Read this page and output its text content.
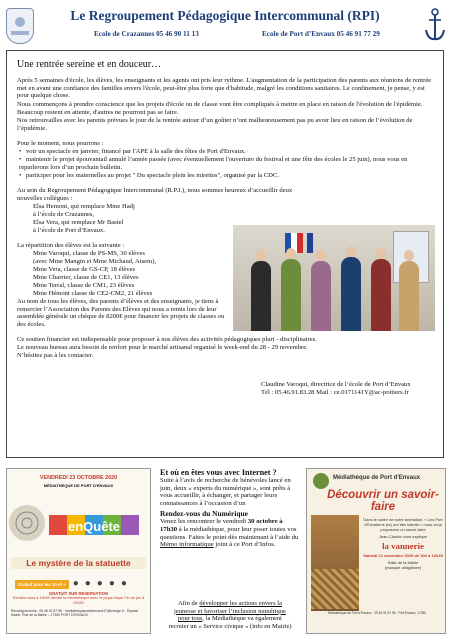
Le Regroupement Pédagogique Intercommunal (RPI)
Ecole de Crazannes 05 46 90 11 13	Ecole de Port d’Envaux 05 46 91 77 29
Une rentrée sereine et en douceur…
Après 5 semaines d'école, les élèves, les enseignants et les agents ont pris leur rythme. L'augmentation de la participation des parents aux réunions de rentrée met en avant une confiance des familles envers l'école, peut-être plus forte que d'habitude, malgré les conditions sanitaires. Le confinement, je pense, y est pour quelque chose.
Nous commençons à prendre conscience que les projets d'école ou de classe vont être compliqués à mettre en place en raison de l'évolution de l'épidémie. Beaucoup restent en attente, d'autres ne pourront pas se faire.
Nos retrouvailles avec les parents prévues le jour de la rentrée autour d’un goûter n’ont malheureusement pas pu avoir lieu en raison de l’évolution de l’épidémie.
Pour le moment, nous pourrons :
• voir un spectacle en janvier, financé par l'APE à la salle des fêtes de Port d'Envaux.
• maintenir le projet épouvantail annulé l’année passée (avec éventuellement l'ouverture du festival et une fête des écoles le 25 juin), nous vous en reparlerons lors d’un prochain bulletin.
• participer pour les maternelles au projet " Du spectacle plein les mirettes", organisé par la CDC.
Au sein du Regroupement Pédagogique Intercommunal (R.P.I.), nous sommes heureux d’accueillir deux nouvelles collègues :
Elsa Hemont, qui remplace Mme Hadj
à l’école de Crazannes,
Elsa Vera, qui remplace Mr Bastel
à l’école de Port d’Envaux.
La répartition des élèves est la suivante :
Mme Varoqui, classe de PS-MS, 30 élèves
(avec Mme Mangin et Mme Michaud, Atsem),
Mme Vera, classe de GS-CP, 18 élèves
Mme Charrier, classe de CE1, 13 élèves
Mme Terral, classe de CM1, 23 élèves
Mme Hémont classe de CE2-CM2, 21 élèves
Au nom de tous les élèves, des parents d’élèves et des enseignants, je tiens à remercier l’Association des Parents des Elèves qui nous a remis lors de leur assemblée générale un chèque de 8200€ pour financer les projets de classes ou des écoles.
Ce soutien financier est indispensable pour proposer à nos élèves des activités pédagogiques pluri - disciplinaires.
Le nouveau bureau aura besoin de renfort pour le marché artisanal organisé le week-end du 28 - 29 novembre.
N’hésitez pas à les contacter.
Claudine Varoqui, directrice de l’école de Port d’Envaux
Tél : 05.46.91.83.28 Mail : ce.0171141Y@ac-poitiers.fr
VENDREDI 23 OCTOBRE 2020
MÉDIATHEQUE DE PORT D'ENVAUX
enQuête
Le mystère de la statuette
Gratuit pour les 10 et + ●●●●●
GRATUIT SUR RESERVATION
Rendez-vous à 19h30 devant la Médiathèque avec le pique-nique Fin du jeu à 22h30
Renseignements : 05 46 91 87 96 · mediathequeportdenvaux17@orange.fr · Espace Mairie, Rue de la Mairie – 17350 PORT D'ENVAUX
Et où en êtes vous avec Internet ?

Suite à l’avis de recherche de bénévoles lancé en juin, deux « experts du numérique », sont prêts à vous accueillir, à échanger, et partager leurs connaissances à l’occasion d’un

Rendez-vous du Numérique

Venez les rencontrer le vendredi 30 octobre à 17h30 à la médiathèque, pour leur poser toutes vos questions. Faites le point dès maintenant à l’aide du Mémo informatique joint à ce Port d’Infos.

Afin de développer les actions envers la jeunesse et favoriser l’inclusion numérique pour tous, la Médiathèque va également recruter un « Service civique » (info en Mairie)
Médiathèque de Port d'Envaux
Découvrir un savoir-faire
Dans le cadre de notre animation, « Les Port d'Envaliens (re) ont des talents » nous vous proposons un savoir-faire
Jean-Claude vous explique
la vannerie
Samedi 21 novembre 2020 de 10h à 12h30
Salle de la Mairie
(masque obligatoire)
Médiathèque de Port d'Envaux · 05 46 91 87 96 · Port'Envaux, 17350
